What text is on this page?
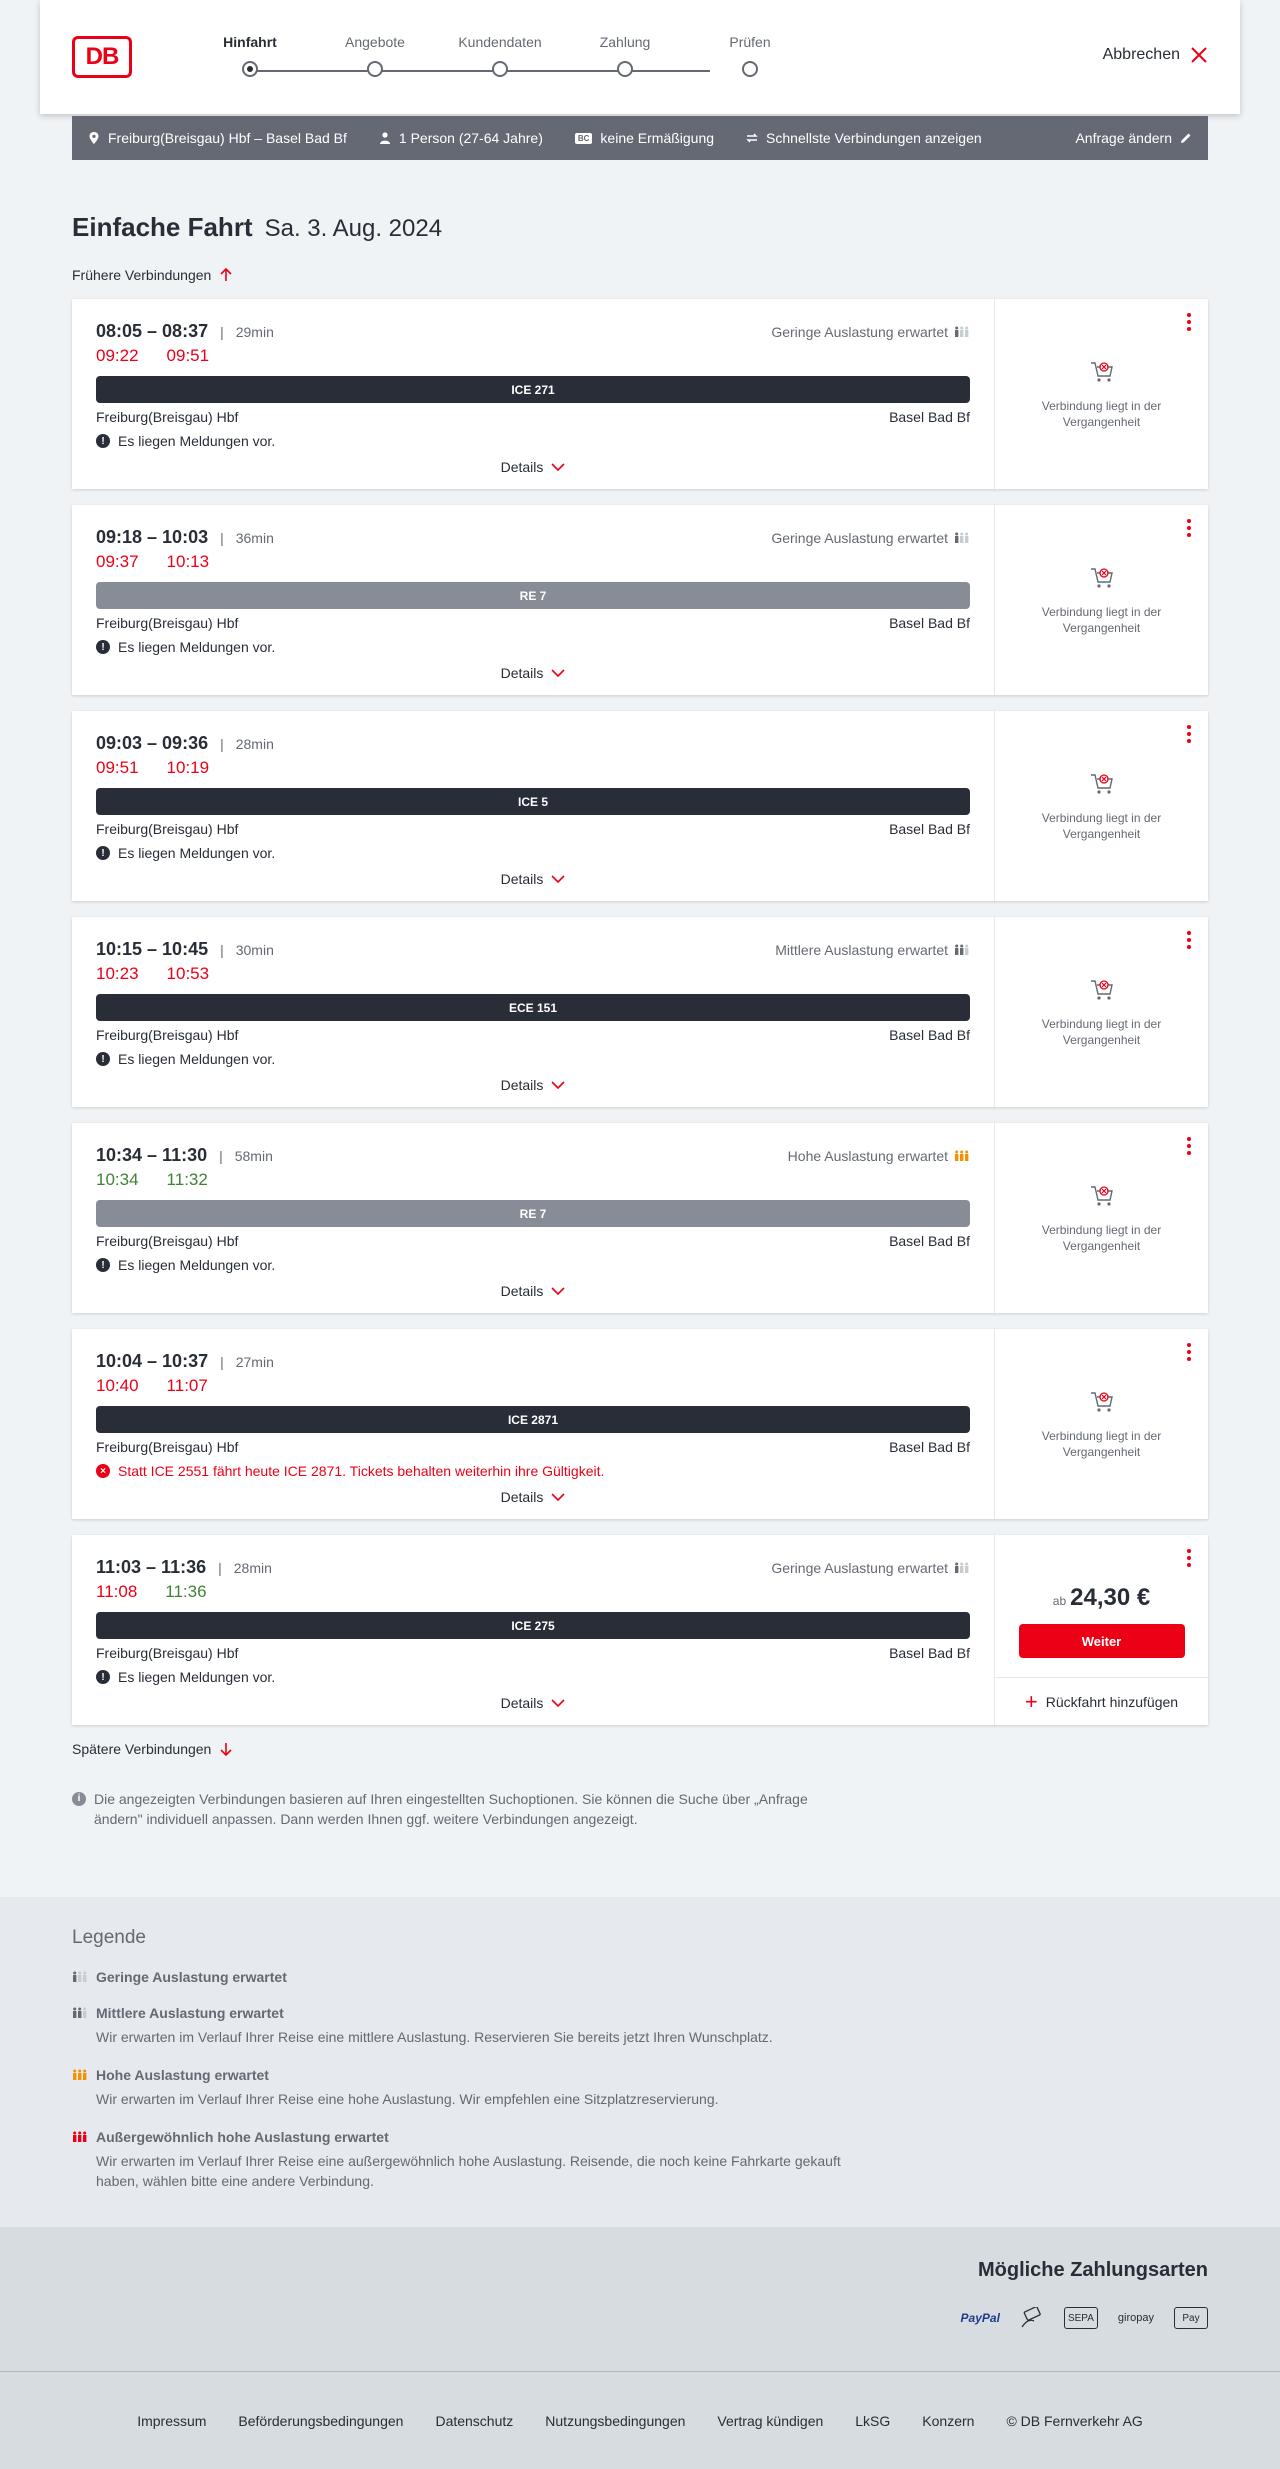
DB
Hinfahrt	Angebote	Kundendaten	Zahlung	Prüfen
Abbrechen
Freiburg(Breisgau) Hbf – Basel Bad Bf	1 Person (27-64 Jahre)	BC keine Ermäßigung	Schnellste Verbindungen anzeigen	Anfrage ändern
Einfache Fahrt Sa. 3. Aug. 2024
Frühere Verbindungen
08:05 – 08:37 | 29min	Geringe Auslastung erwartet
09:22 09:51
ICE 271
Freiburg(Breisgau) Hbf	Basel Bad Bf
! Es liegen Meldungen vor.
Details
Verbindung liegt in der Vergangenheit
09:18 – 10:03 | 36min	Geringe Auslastung erwartet
09:37 10:13
RE 7
Freiburg(Breisgau) Hbf	Basel Bad Bf
! Es liegen Meldungen vor.
Details
Verbindung liegt in der Vergangenheit
09:03 – 09:36 | 28min
09:51 10:19
ICE 5
Freiburg(Breisgau) Hbf	Basel Bad Bf
! Es liegen Meldungen vor.
Details
Verbindung liegt in der Vergangenheit
10:15 – 10:45 | 30min	Mittlere Auslastung erwartet
10:23 10:53
ECE 151
Freiburg(Breisgau) Hbf	Basel Bad Bf
! Es liegen Meldungen vor.
Details
Verbindung liegt in der Vergangenheit
10:34 – 11:30 | 58min	Hohe Auslastung erwartet
10:34 11:32
RE 7
Freiburg(Breisgau) Hbf	Basel Bad Bf
! Es liegen Meldungen vor.
Details
Verbindung liegt in der Vergangenheit
10:04 – 10:37 | 27min
10:40 11:07
ICE 2871
Freiburg(Breisgau) Hbf	Basel Bad Bf
× Statt ICE 2551 fährt heute ICE 2871. Tickets behalten weiterhin ihre Gültigkeit.
Details
Verbindung liegt in der Vergangenheit
11:03 – 11:36 | 28min	Geringe Auslastung erwartet
11:08 11:36
ICE 275
Freiburg(Breisgau) Hbf	Basel Bad Bf
! Es liegen Meldungen vor.
Details
ab 24,30 €
Weiter
+ Rückfahrt hinzufügen
Spätere Verbindungen
i Die angezeigten Verbindungen basieren auf Ihren eingestellten Suchoptionen. Sie können die Suche über „Anfrage ändern" individuell anpassen. Dann werden Ihnen ggf. weitere Verbindungen angezeigt.
Legende
Geringe Auslastung erwartet
Mittlere Auslastung erwartet
Wir erwarten im Verlauf Ihrer Reise eine mittlere Auslastung. Reservieren Sie bereits jetzt Ihren Wunschplatz.
Hohe Auslastung erwartet
Wir erwarten im Verlauf Ihrer Reise eine hohe Auslastung. Wir empfehlen eine Sitzplatzreservierung.
Außergewöhnlich hohe Auslastung erwartet
Wir erwarten im Verlauf Ihrer Reise eine außergewöhnlich hohe Auslastung. Reisende, die noch keine Fahrkarte gekauft haben, wählen bitte eine andere Verbindung.
Mögliche Zahlungsarten
PayPal	SEPA	giropay	Pay
Impressum Beförderungsbedingungen Datenschutz Nutzungsbedingungen Vertrag kündigen LkSG Konzern © DB Fernverkehr AG
